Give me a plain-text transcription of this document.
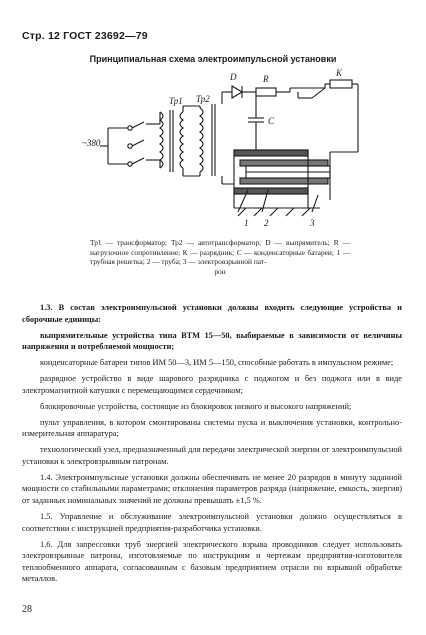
Стр. 12 ГОСТ 23692—79
Принципиальная схема электроимпульсной установки
Тр1 Тр2
D	R
K
C
~380
1 2	3
Тр1 — трансформатор; Тр2 — автотрансформатор; D — выпрямитель; R — нагрузочное сопротивление; К — разрядник; С — конденсаторные батареи; 1 — трубная решетка; 2 — труба; 3 — электровзрывной пат-
рон

1.3. В состав электроимпульсной установки должны входить следующие устройства и сборочные единицы:

выпрямительные устройства типа ВТМ 15—50, выбираемые в зависимости от величины напряжения и потребляемой мощности;

конденсаторные батареи типов ИМ 50—3, ИМ 5—150, способные работать в импульсном режиме;

разрядное устройство в виде шарового разрядника с поджогом и без поджога или в виде электромагнитной катушки с перемещающимся сердечником;

блокировочные устройства, состоящие из блокировок низкого и высокого напряжений;

пульт управления, в котором смонтированы системы пуска и выключения установки, контрольно-измерительная аппаратура;

технологический узел, предназначенный для передачи электрической энергии от электроимпульсной установки к электровзрывным патронам.

1.4. Электроимпульсные установки должны обеспечивать не менее 20 разрядов в минуту заданной мощности со стабильными параметрами; отклонения параметров разряда (напряжение, емкость, энергия) от заданных номинальных значений не должны превышать ±1,5 %.

1.5. Управление и обслуживание электроимпульсной установки должно осуществляться в соответствии с инструкцией предприятия-разработчика установки.

1.6. Для запрессовки труб энергией электрического взрыва проводников следует использовать электровзрывные патроны, изготовляемые по инструкциям и чертежам предприятия-изготовителя теплообменного аппарата, согласованным с базовым предприятием отрасли по взрывной обработке металлов.

28
